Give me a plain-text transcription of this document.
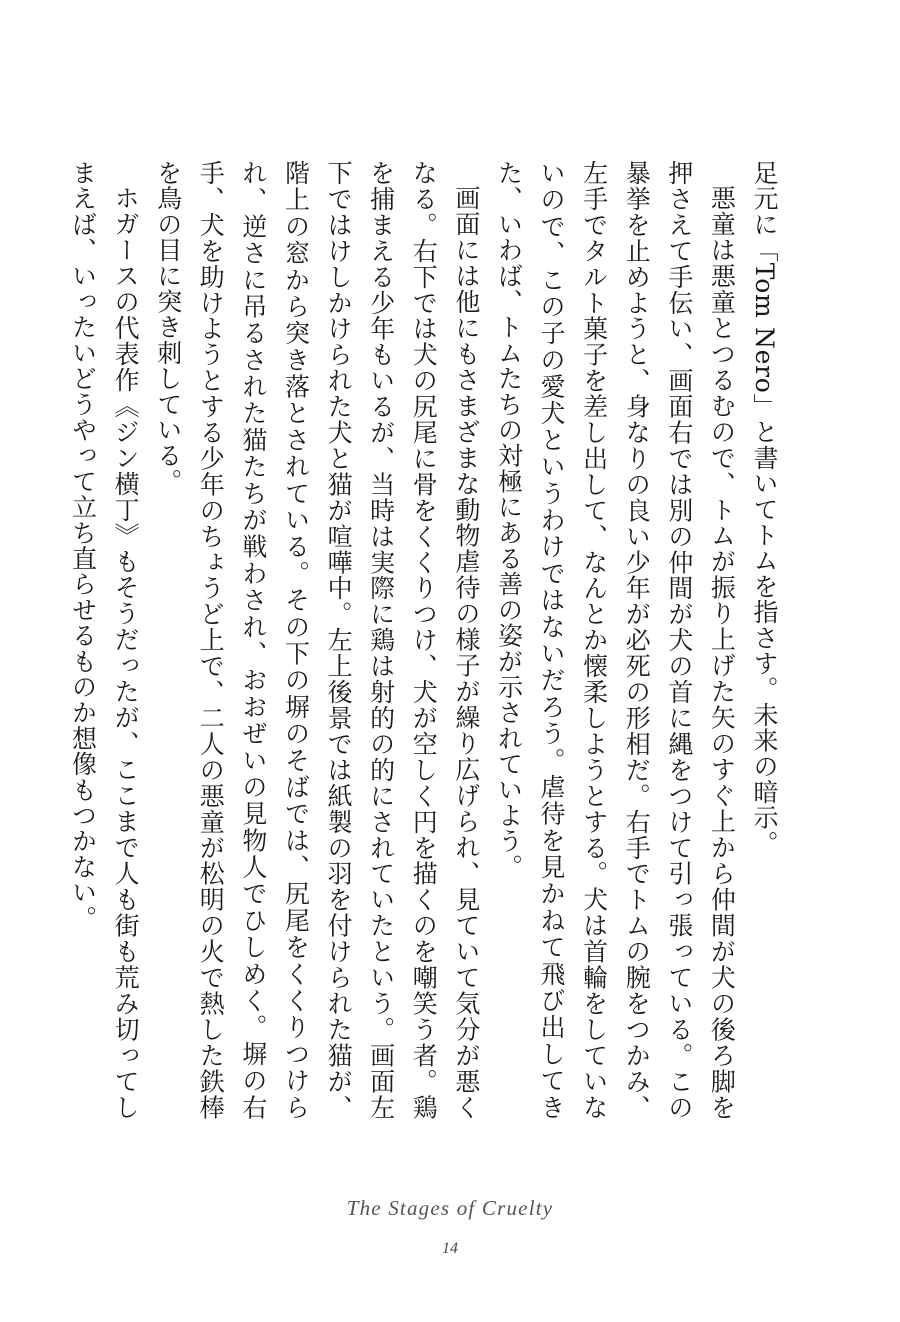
足元に「Tom Nero」と書いてトムを指さす。未来の暗示。

悪童は悪童とつるむので、トムが振り上げた矢のすぐ上から仲間が犬の後ろ脚を押さえて手伝い、画面右では別の仲間が犬の首に縄をつけて引っ張っている。この暴挙を止めようと、身なりの良い少年が必死の形相だ。右手でトムの腕をつかみ、左手でタルト菓子を差し出して、なんとか懐柔しようとする。犬は首輪をしていないので、この子の愛犬というわけではないだろう。虐待を見かねて飛び出してきた、いわば、トムたちの対極にある善の姿が示されていよう。

画面には他にもさまざまな動物虐待の様子が繰り広げられ、見ていて気分が悪くなる。右下では犬の尻尾に骨をくくりつけ、犬が空しく円を描くのを嘲笑う者。鶏を捕まえる少年もいるが、当時は実際に鶏は射的の的にされていたという。画面左下ではけしかけられた犬と猫が喧嘩中。左上後景では紙製の羽を付けられた猫が、階上の窓から突き落とされている。その下の塀のそばでは、尻尾をくくりつけられ、逆さに吊るされた猫たちが戦わされ、おおぜいの見物人でひしめく。塀の右手、犬を助けようとする少年のちょうど上で、二人の悪童が松明の火で熱した鉄棒を鳥の目に突き刺している。

ホガースの代表作《ジン横丁》もそうだったが、ここまで人も街も荒み切ってしまえば、いったいどうやって立ち直らせるものか想像もつかない。

The Stages of Cruelty
14
